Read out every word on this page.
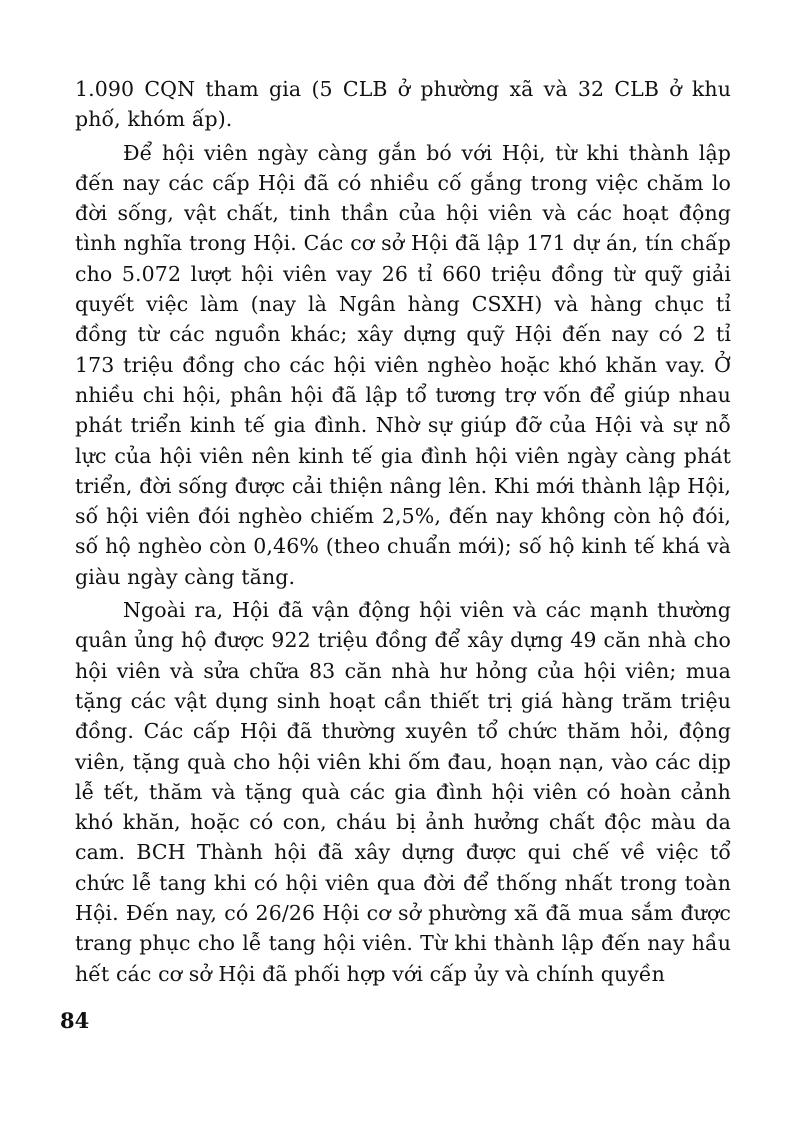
1.090 CQN tham gia (5 CLB ở phường xã và 32 CLB ở khu phố, khóm ấp).

Để hội viên ngày càng gắn bó với Hội, từ khi thành lập đến nay các cấp Hội đã có nhiều cố gắng trong việc chăm lo đời sống, vật chất, tinh thần của hội viên và các hoạt động tình nghĩa trong Hội. Các cơ sở Hội đã lập 171 dự án, tín chấp cho 5.072 lượt hội viên vay 26 tỉ 660 triệu đồng từ quỹ giải quyết việc làm (nay là Ngân hàng CSXH) và hàng chục tỉ đồng từ các nguồn khác; xây dựng quỹ Hội đến nay có 2 tỉ 173 triệu đồng cho các hội viên nghèo hoặc khó khăn vay. Ở nhiều chi hội, phân hội đã lập tổ tương trợ vốn để giúp nhau phát triển kinh tế gia đình. Nhờ sự giúp đỡ của Hội và sự nỗ lực của hội viên nên kinh tế gia đình hội viên ngày càng phát triển, đời sống được cải thiện nâng lên. Khi mới thành lập Hội, số hội viên đói nghèo chiếm 2,5%, đến nay không còn hộ đói, số hộ nghèo còn 0,46% (theo chuẩn mới); số hộ kinh tế khá và giàu ngày càng tăng.

Ngoài ra, Hội đã vận động hội viên và các mạnh thường quân ủng hộ được 922 triệu đồng để xây dựng 49 căn nhà cho hội viên và sửa chữa 83 căn nhà hư hỏng của hội viên; mua tặng các vật dụng sinh hoạt cần thiết trị giá hàng trăm triệu đồng. Các cấp Hội đã thường xuyên tổ chức thăm hỏi, động viên, tặng quà cho hội viên khi ốm đau, hoạn nạn, vào các dịp lễ tết, thăm và tặng quà các gia đình hội viên có hoàn cảnh khó khăn, hoặc có con, cháu bị ảnh hưởng chất độc màu da cam. BCH Thành hội đã xây dựng được qui chế về việc tổ chức lễ tang khi có hội viên qua đời để thống nhất trong toàn Hội. Đến nay, có 26/26 Hội cơ sở phường xã đã mua sắm được trang phục cho lễ tang hội viên. Từ khi thành lập đến nay hầu hết các cơ sở Hội đã phối hợp với cấp ủy và chính quyền

84
